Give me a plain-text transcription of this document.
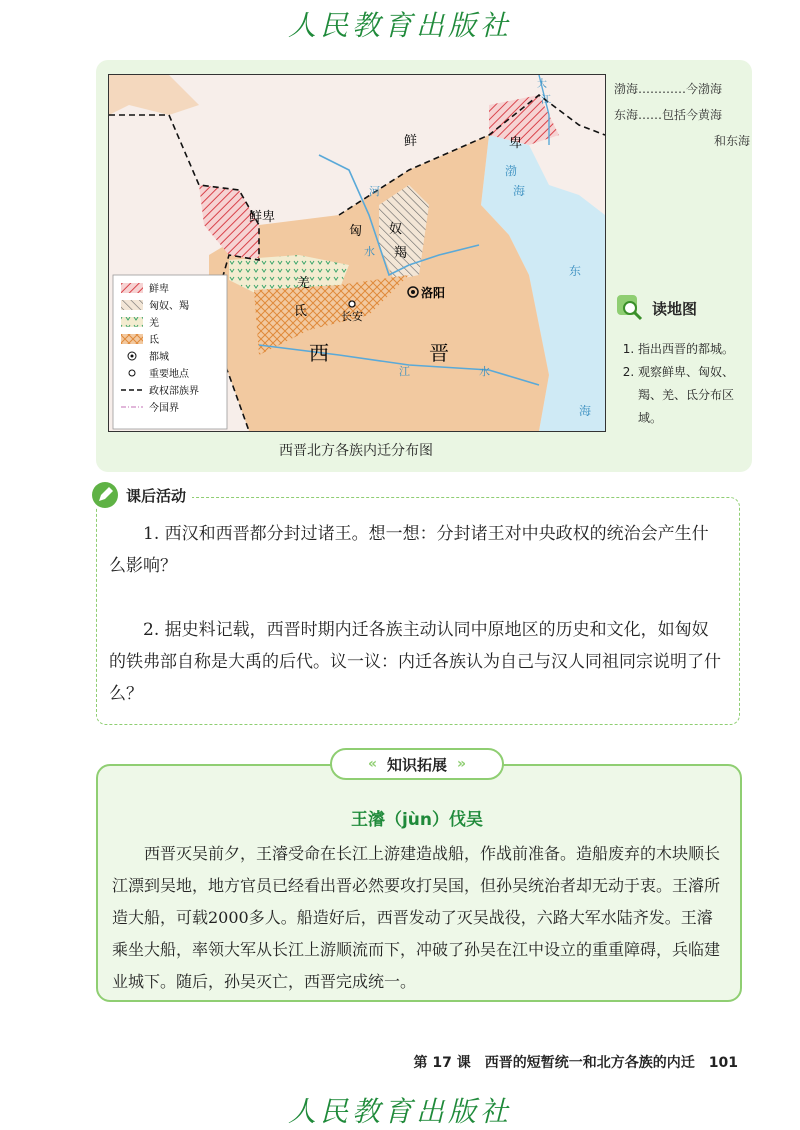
人民教育出版社
鲜	卑
鲜卑
匈 奴
羯
羌
氐
洛阳
长安
西	晋
渤
海
东
海
河
江
大
江
水
水
鲜卑
匈奴、羯
羌
氐
都城
重要地点
政权部族界
今国界
西晋北方各族内迁分布图
渤海…………今渤海
东海……包括今黄海
和东海
读地图
1. 指出西晋的都城。
2. 观察鲜卑、匈奴、羯、羌、氐分布区域。

1. 西汉和西晋都分封过诸王。想一想：分封诸王对中央政权的统治会产生什么影响？

2. 据史料记载，西晋时期内迁各族主动认同中原地区的历史和文化，如匈奴的铁弗部自称是大禹的后代。议一议：内迁各族认为自己与汉人同祖同宗说明了什么？

课后活动
« 知识拓展 »
王濬（jùn）伐吴

西晋灭吴前夕，王濬受命在长江上游建造战船，作战前准备。造船废弃的木块顺长江漂到吴地，地方官员已经看出晋必然要攻打吴国，但孙吴统治者却无动于衷。王濬所造大船，可载2000多人。船造好后，西晋发动了灭吴战役，六路大军水陆齐发。王濬乘坐大船，率领大军从长江上游顺流而下，冲破了孙吴在江中设立的重重障碍，兵临建业城下。随后，孙吴灭亡，西晋完成统一。

第 17 课　西晋的短暂统一和北方各族的内迁　101
人民教育出版社
